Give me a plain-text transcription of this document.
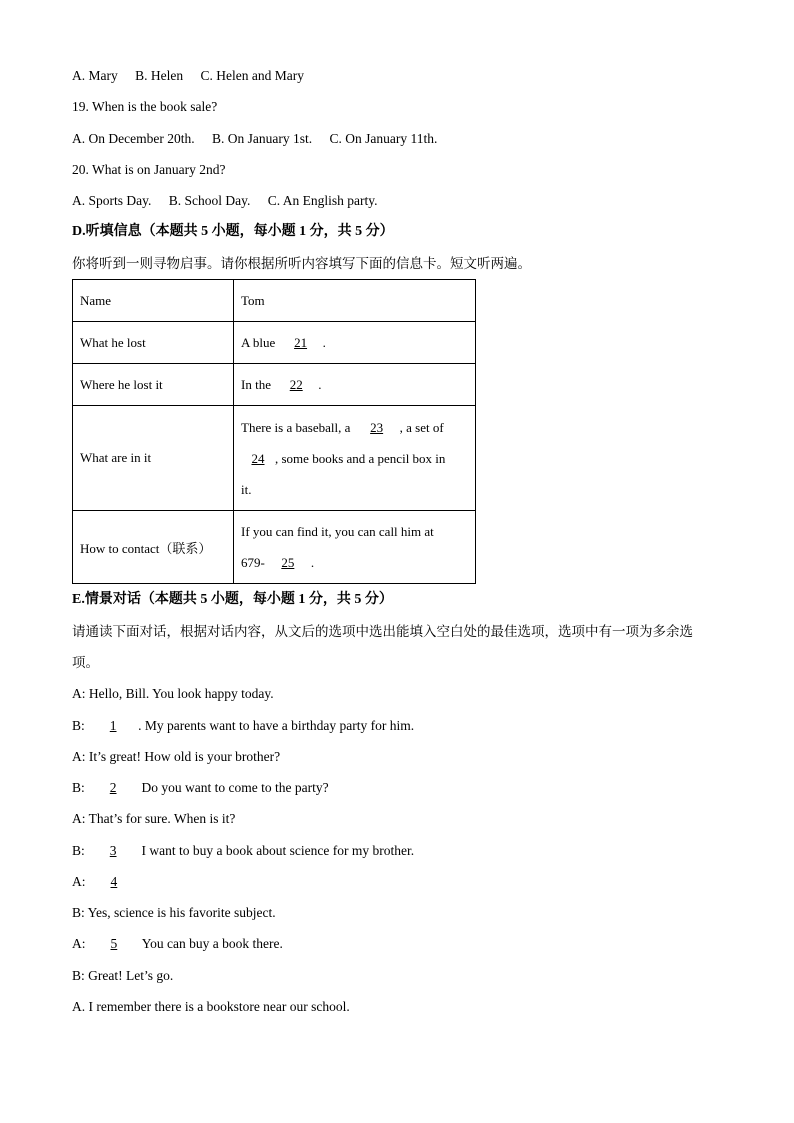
A. Mary B. Helen C. Helen and Mary
19. When is the book sale?
A. On December 20th. B. On January 1st. C. On January 11th.
20. What is on January 2nd?
A. Sports Day. B. School Day. C. An English party.
D.听填信息（本题共 5 小题，每小题 1 分，共 5 分）
你将听到一则寻物启事。请你根据所听内容填写下面的信息卡。短文听两遍。
Name	Tom
What he lost	A blue 21 .
Where he lost it	In the 22 .
What are in it	There is a baseball, a 23 , a set of
24 , some books and a pencil box in
it.

How to contact（联系）	If you can find it, you can call him at
679- 25 .
E.情景对话（本题共 5 小题，每小题 1 分，共 5 分）
请通读下面对话，根据对话内容，从文后的选项中选出能填入空白处的最佳选项，选项中有一项为多余选
项。
A: Hello, Bill. You look happy today.
B: 1 . My parents want to have a birthday party for him.
A: It’s great! How old is your brother?
B: 2 Do you want to come to the party?
A: That’s for sure. When is it?
B: 3 I want to buy a book about science for my brother.
A: 4
B: Yes, science is his favorite subject.
A: 5 You can buy a book there.
B: Great! Let’s go.
A. I remember there is a bookstore near our school.
